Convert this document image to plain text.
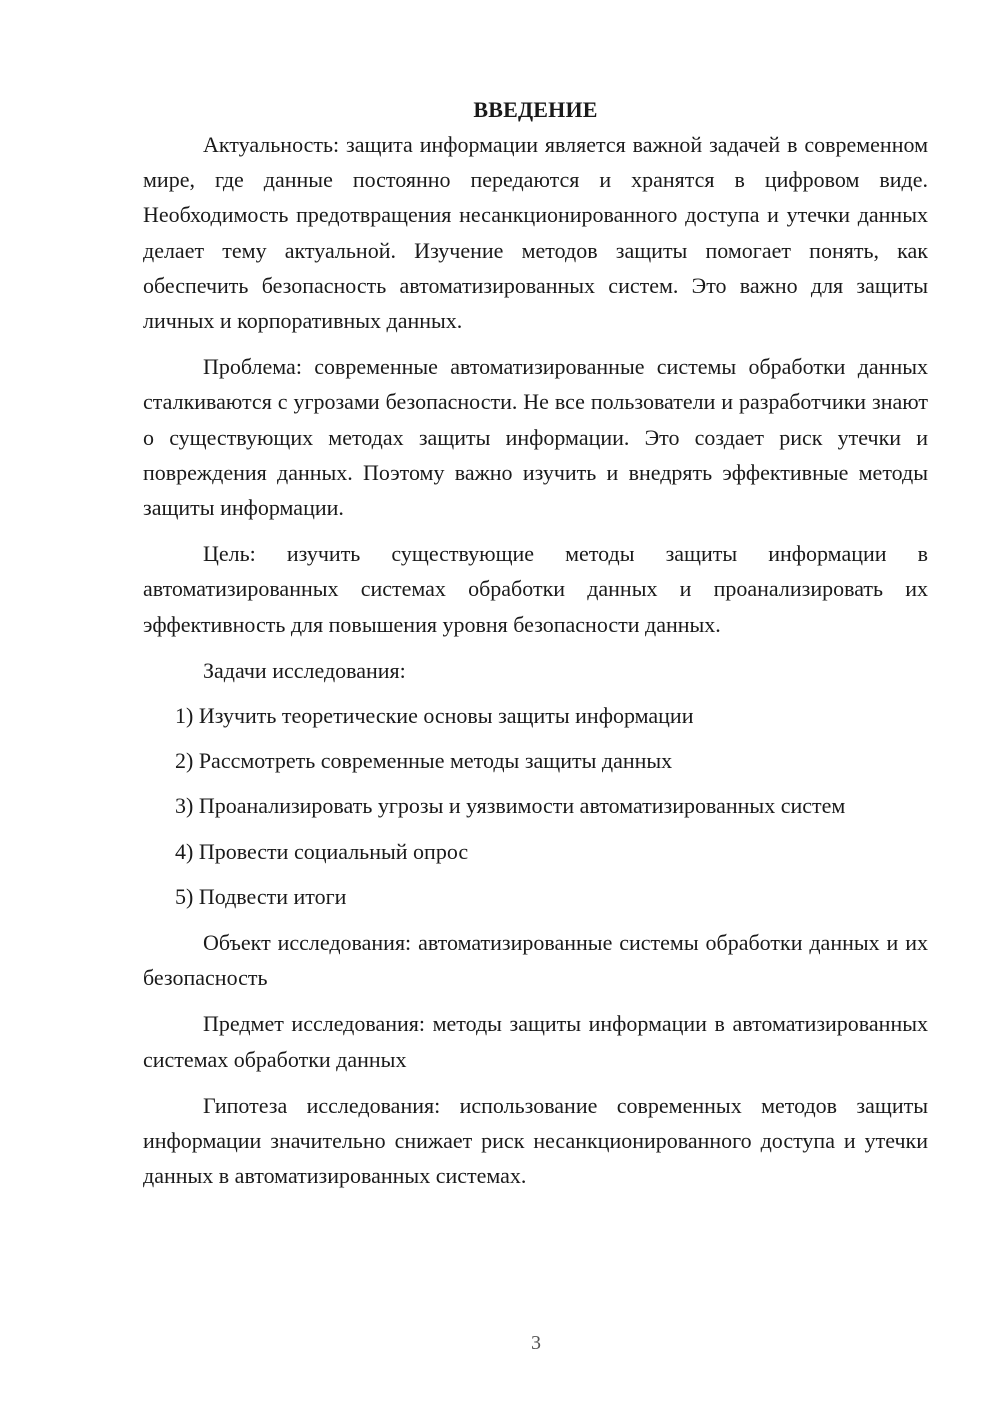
ВВЕДЕНИЕ

Актуальность: защита информации является важной задачей в современном мире, где данные постоянно передаются и хранятся в цифровом виде. Необходимость предотвращения несанкционированного доступа и утечки данных делает тему актуальной. Изучение методов защиты помогает понять, как обеспечить безопасность автоматизированных систем. Это важно для защиты личных и корпоративных данных.

Проблема: современные автоматизированные системы обработки данных сталкиваются с угрозами безопасности. Не все пользователи и разработчики знают о существующих методах защиты информации. Это создает риск утечки и повреждения данных. Поэтому важно изучить и внедрять эффективные методы защиты информации.

Цель: изучить существующие методы защиты информации в автоматизированных системах обработки данных и проанализировать их эффективность для повышения уровня безопасности данных.

Задачи исследования:

1) Изучить теоретические основы защиты информации

2) Рассмотреть современные методы защиты данных

3) Проанализировать угрозы и уязвимости автоматизированных систем

4) Провести социальный опрос

5) Подвести итоги

Объект исследования: автоматизированные системы обработки данных и их безопасность

Предмет исследования: методы защиты информации в автоматизированных системах обработки данных

Гипотеза исследования: использование современных методов защиты информации значительно снижает риск несанкционированного доступа и утечки данных в автоматизированных системах.

3
